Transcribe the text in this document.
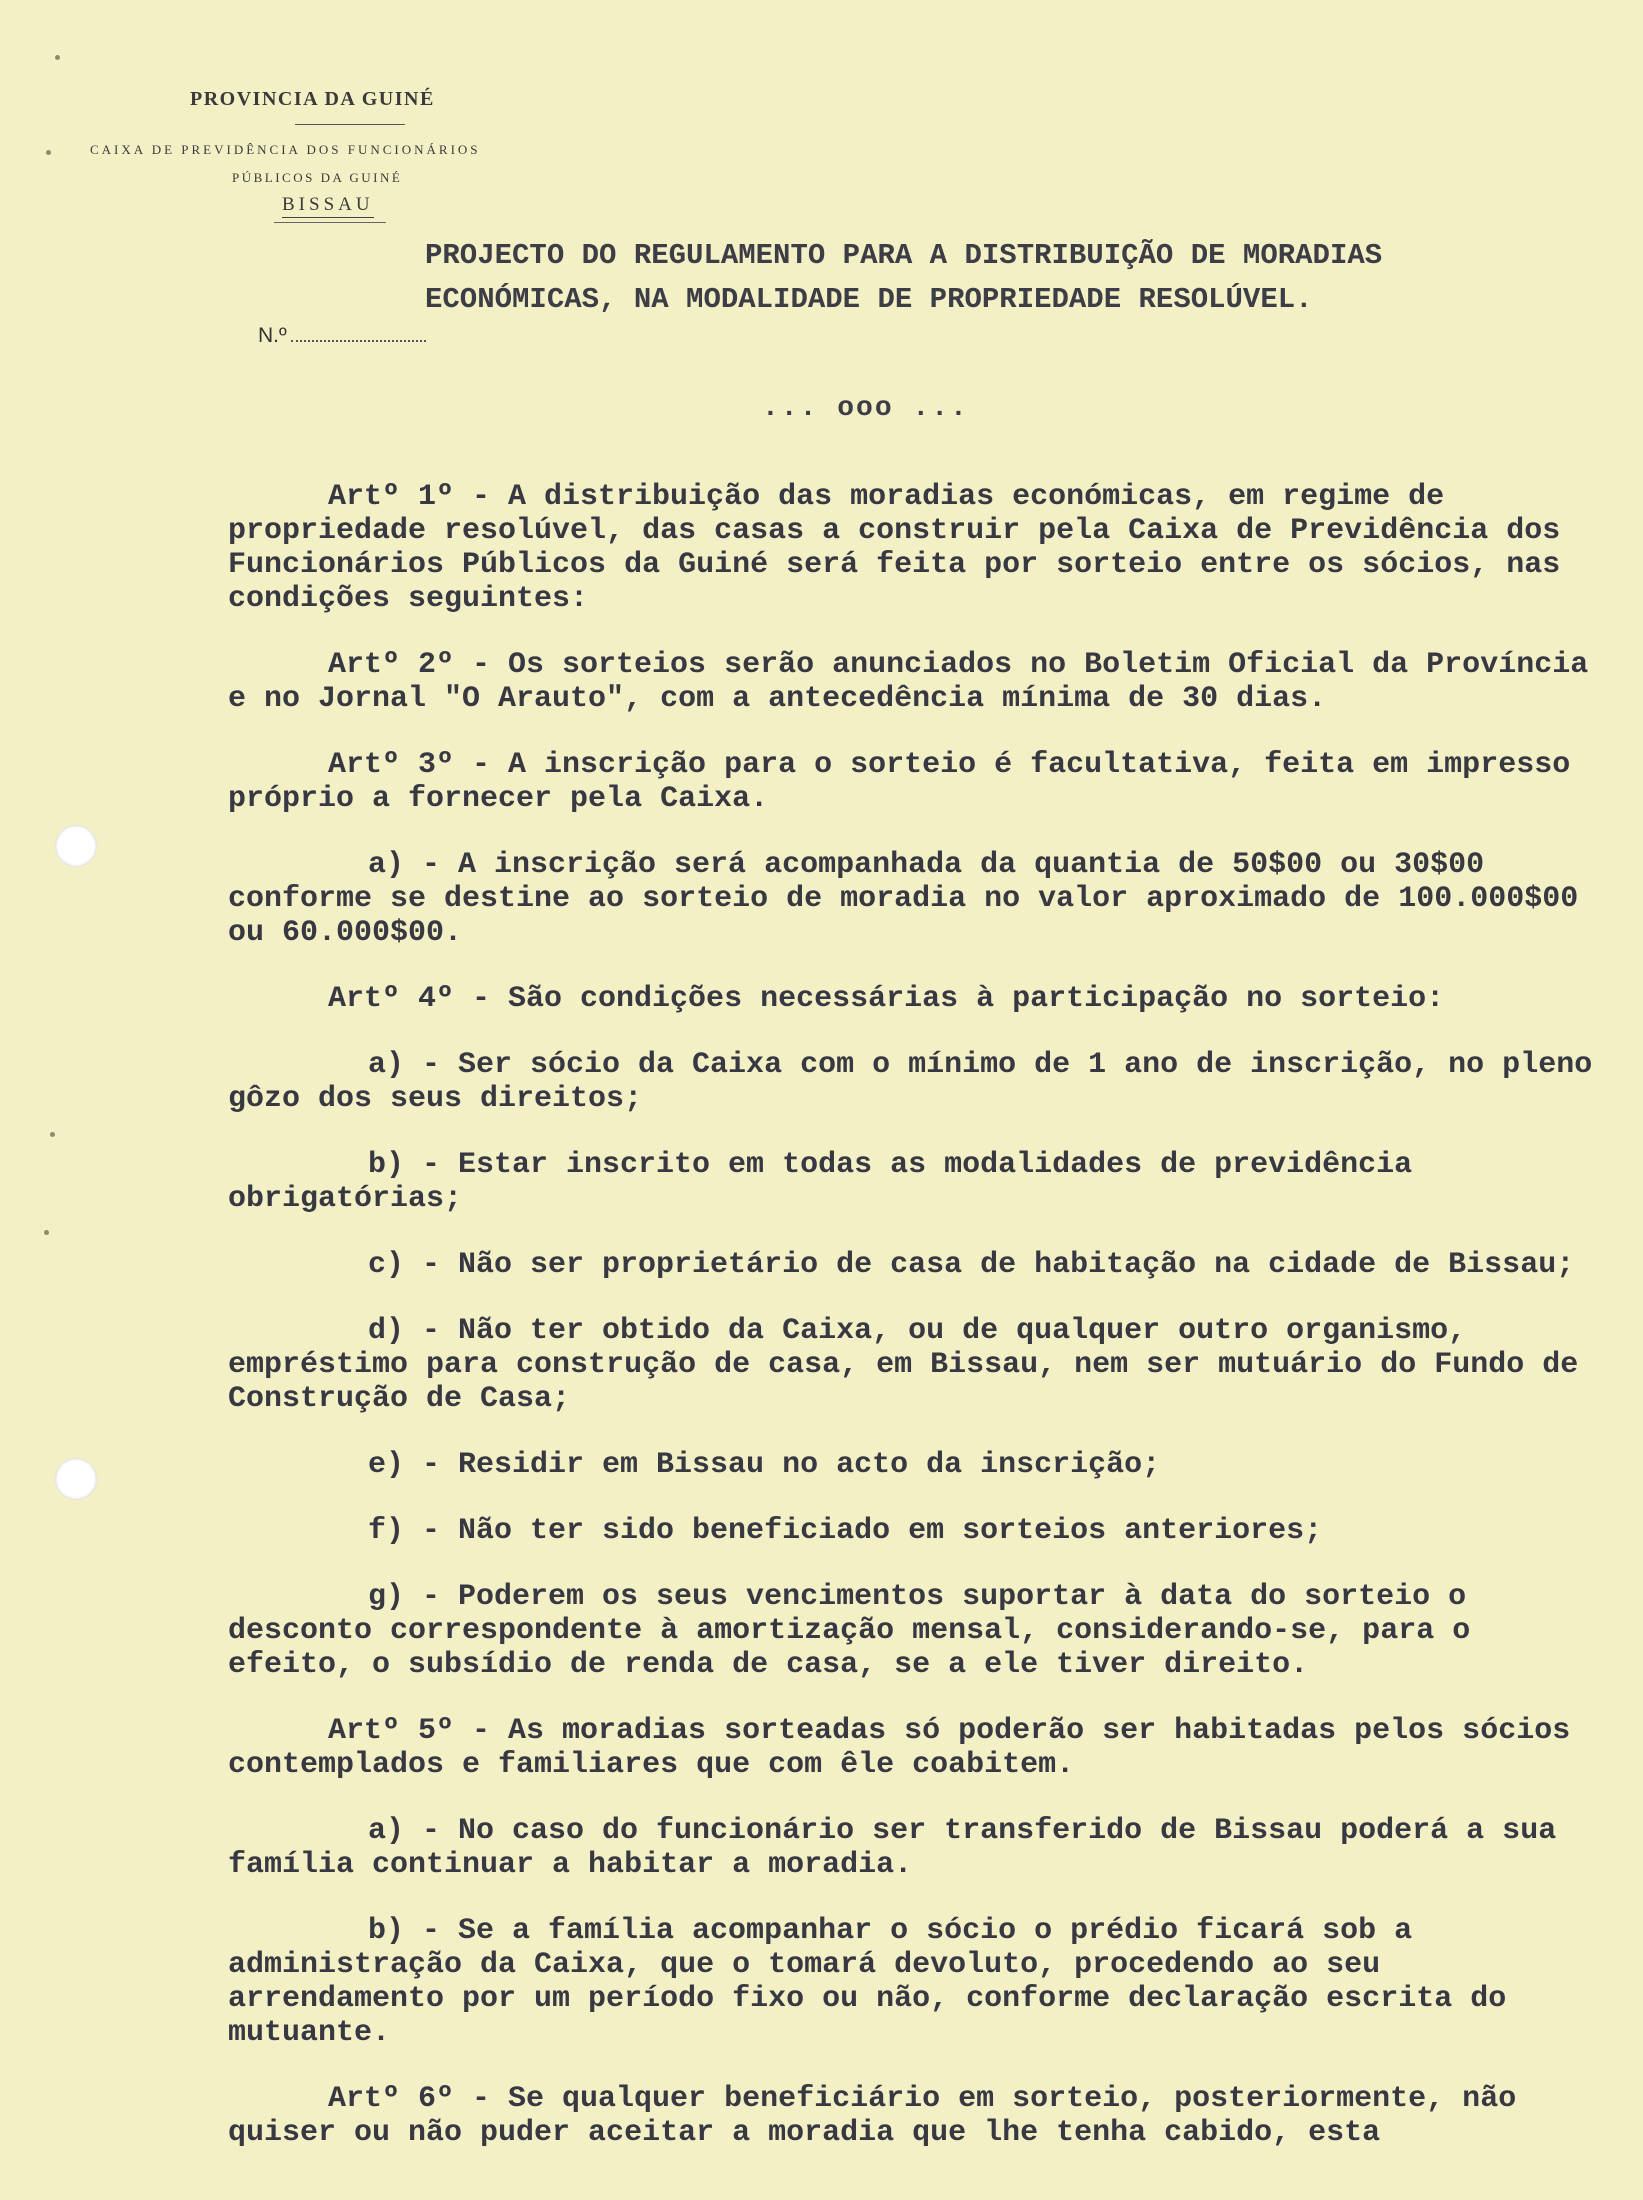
PROVINCIA DA GUINÉ
CAIXA DE PREVIDÊNCIA DOS FUNCIONÁRIOS
PÚBLICOS DA GUINÉ
BISSAU
PROJECTO DO REGULAMENTO PARA A DISTRIBUIÇÃO DE MORADIAS ECONÓMICAS, NA MODALIDADE DE PROPRIEDADE RESOLÚVEL.
N.º
... ooo ...

Artº 1º - A distribuição das moradias económicas, em regime de propriedade resolúvel, das casas a construir pela Caixa de Previdência dos Funcionários Públicos da Guiné será feita por sorteio entre os sócios, nas condições seguintes:

Artº 2º - Os sorteios serão anunciados no Boletim Oficial da Província e no Jornal "O Arauto", com a antecedência mínima de 30 dias.

Artº 3º - A inscrição para o sorteio é facultativa, feita em impresso próprio a fornecer pela Caixa.

a) - A inscrição será acompanhada da quantia de 50$00 ou 30$00 conforme se destine ao sorteio de moradia no valor aproximado de 100.000$00 ou 60.000$00.

Artº 4º - São condições necessárias à participação no sorteio:

a) - Ser sócio da Caixa com o mínimo de 1 ano de inscrição, no pleno gôzo dos seus direitos;

b) - Estar inscrito em todas as modalidades de previdência obrigatórias;

c) - Não ser proprietário de casa de habitação na cidade de Bissau;

d) - Não ter obtido da Caixa, ou de qualquer outro organismo, empréstimo para construção de casa, em Bissau, nem ser mutuário do Fundo de Construção de Casa;

e) - Residir em Bissau no acto da inscrição;

f) - Não ter sido beneficiado em sorteios anteriores;

g) - Poderem os seus vencimentos suportar à data do sorteio o desconto correspondente à amortização mensal, considerando-se, para o efeito, o subsídio de renda de casa, se a ele tiver direito.

Artº 5º - As moradias sorteadas só poderão ser habitadas pelos sócios contemplados e familiares que com êle coabitem.

a) - No caso do funcionário ser transferido de Bissau poderá a sua família continuar a habitar a moradia.

b) - Se a família acompanhar o sócio o prédio ficará sob a administração da Caixa, que o tomará devoluto, procedendo ao seu arrendamento por um período fixo ou não, conforme declaração escrita do mutuante.

Artº 6º - Se qualquer beneficiário em sorteio, posteriormente, não quiser ou não puder aceitar a moradia que lhe tenha cabido, esta
